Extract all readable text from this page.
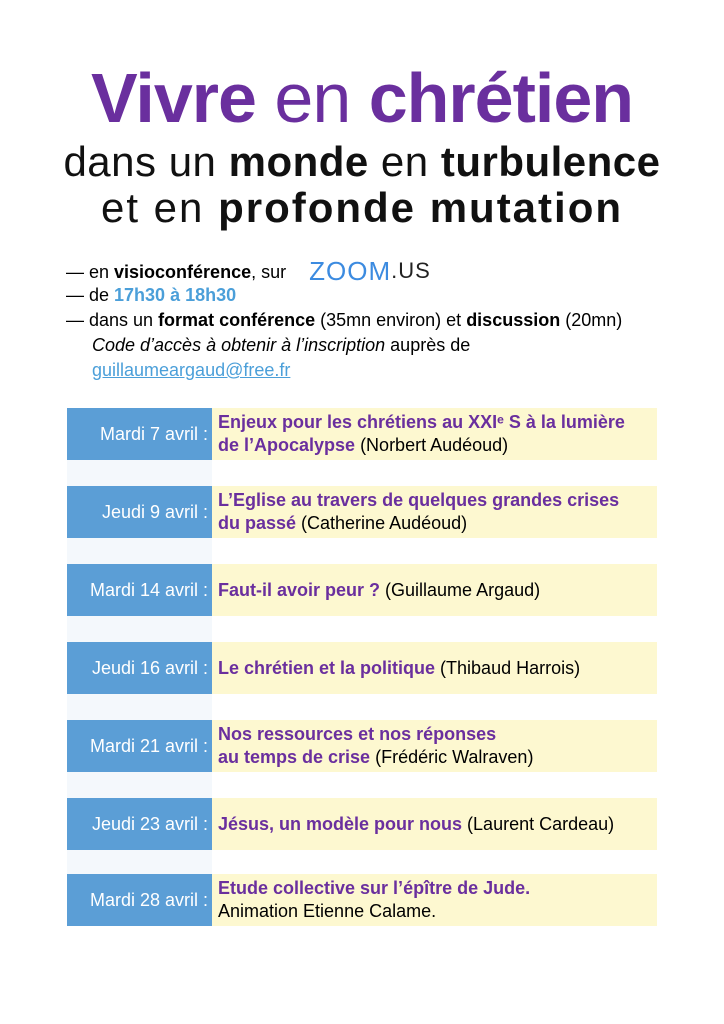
Vivre en chrétien
dans un monde en turbulence
et en profonde mutation
— en visioconférence, sur ZOOM.US
— de 17h30 à 18h30
— dans un format conférence (35mn environ) et discussion (20mn)
Code d’accès à obtenir à l’inscription auprès de
guillaumeargaud@free.fr
Mardi 7 avril :
Enjeux pour les chrétiens au XXIᵉ S à la lumière
de l’Apocalypse (Norbert Audéoud)
Jeudi 9 avril :
L’Eglise au travers de quelques grandes crises
du passé (Catherine Audéoud)
Mardi 14 avril : Faut-il avoir peur ? (Guillaume Argaud)
Jeudi 16 avril : Le chrétien et la politique (Thibaud Harrois)
Mardi 21 avril :
Nos ressources et nos réponses
au temps de crise (Frédéric Walraven)
Jeudi 23 avril : Jésus, un modèle pour nous (Laurent Cardeau)
Mardi 28 avril :
Etude collective sur l’épître de Jude.
Animation Etienne Calame.
